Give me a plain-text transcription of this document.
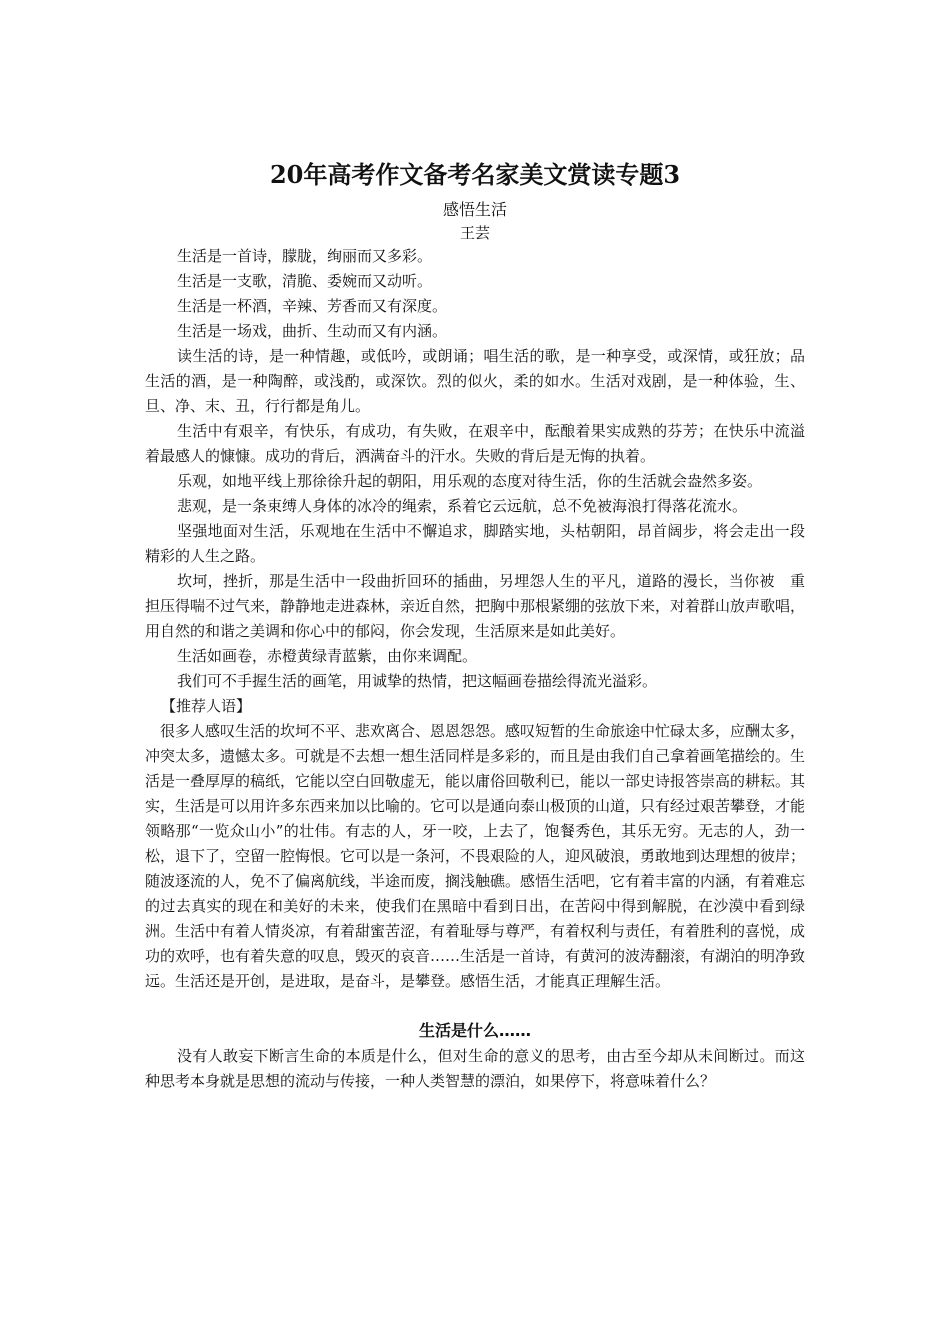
20年高考作文备考名家美文赏读专题3
感悟生活
王芸

生活是一首诗，朦胧，绚丽而又多彩。

生活是一支歌，清脆、委婉而又动听。

生活是一杯酒，辛辣、芳香而又有深度。

生活是一场戏，曲折、生动而又有内涵。

读生活的诗，是一种情趣，或低吟，或朗诵；唱生活的歌，是一种享受，或深情，或狂放；品生活的酒，是一种陶醉，或浅酌，或深饮。烈的似火，柔的如水。生活对戏剧，是一种体验，生、旦、净、末、丑，行行都是角儿。

生活中有艰辛，有快乐，有成功，有失败，在艰辛中，酝酿着果实成熟的芬芳；在快乐中流溢着最感人的慷慷。成功的背后，洒满奋斗的汗水。失败的背后是无悔的执着。

乐观，如地平线上那徐徐升起的朝阳，用乐观的态度对待生活，你的生活就会盎然多姿。

悲观，是一条束缚人身体的冰冷的绳索，系着它云远航，总不免被海浪打得落花流水。

坚强地面对生活，乐观地在生活中不懈追求，脚踏实地，头枯朝阳，昂首阔步，将会走出一段精彩的人生之路。

坎坷，挫折，那是生活中一段曲折回环的插曲，另埋怨人生的平凡，道路的漫长，当你被　重担压得喘不过气来，静静地走进森林，亲近自然，把胸中那根紧绷的弦放下来，对着群山放声歌唱，用自然的和谐之美调和你心中的郁闷，你会发现，生活原来是如此美好。

生活如画卷，赤橙黄绿青蓝紫，由你来调配。

我们可不手握生活的画笔，用诚挚的热情，把这幅画卷描绘得流光溢彩。

【推荐人语】

很多人感叹生活的坎坷不平、悲欢离合、恩恩怨怨。感叹短暂的生命旅途中忙碌太多，应酬太多，冲突太多，遗憾太多。可就是不去想一想生活同样是多彩的，而且是由我们自己拿着画笔描绘的。生活是一叠厚厚的稿纸，它能以空白回敬虚无，能以庸俗回敬利已，能以一部史诗报答崇高的耕耘。其实，生活是可以用许多东西来加以比喻的。它可以是通向泰山极顶的山道，只有经过艰苦攀登，才能领略那“一览众山小”的壮伟。有志的人，牙一咬，上去了，饱餐秀色，其乐无穷。无志的人，劲一松，退下了，空留一腔悔恨。它可以是一条河，不畏艰险的人，迎风破浪，勇敢地到达理想的彼岸；随波逐流的人，免不了偏离航线，半途而废，搁浅触礁。感悟生活吧，它有着丰富的内涵，有着难忘的过去真实的现在和美好的未来，使我们在黑暗中看到日出，在苦闷中得到解脱，在沙漠中看到绿洲。生活中有着人情炎凉，有着甜蜜苦涩，有着耻辱与尊严，有着权利与责任，有着胜利的喜悦，成功的欢呼，也有着失意的叹息，毁灭的哀音……生活是一首诗，有黄河的波涛翻滚，有湖泊的明净致远。生活还是开创，是进取，是奋斗，是攀登。感悟生活，才能真正理解生活。

生活是什么……

没有人敢妄下断言生命的本质是什么，但对生命的意义的思考，由古至今却从未间断过。而这种思考本身就是思想的流动与传接，一种人类智慧的漂泊，如果停下，将意味着什么？
